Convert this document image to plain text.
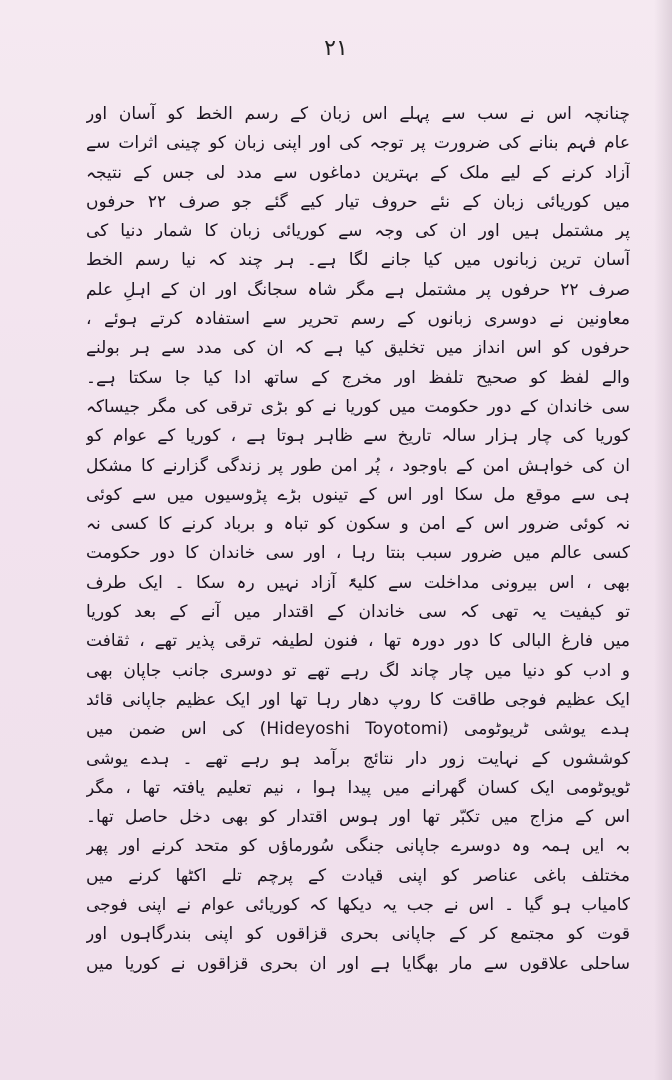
۲۱
چنانچہ اس نے سب سے پہلے اس زبان کے رسم الخط کو آسان اور
عام فہم بنانے کی ضرورت پر توجہ کی اور اپنی زبان کو چینی اثرات سے
آزاد کرنے کے لیے ملک کے بہترین دماغوں سے مدد لی جس کے نتیجہ
میں کوریائی زبان کے نئے حروف تیار کیے گئے جو صرف ۲۲ حرفوں
پر مشتمل ہیں اور ان کی وجہ سے کوریائی زبان کا شمار دنیا کی
آسان ترین زبانوں میں کیا جانے لگا ہے۔ ہر چند کہ نیا رسم الخط
صرف ۲۲ حرفوں پر مشتمل ہے مگر شاہ سجانگ اور ان کے اہلِ علم
معاونین نے دوسری زبانوں کے رسم تحریر سے استفادہ کرتے ہوئے ،
حرفوں کو اس انداز میں تخلیق کیا ہے کہ ان کی مدد سے ہر بولنے
والے لفظ کو صحیح تلفظ اور مخرج کے ساتھ ادا کیا جا سکتا ہے۔
سی خاندان کے دور حکومت میں کوریا نے کو بڑی ترقی کی مگر جیساکہ
کوریا کی چار ہزار سالہ تاریخ سے ظاہر ہوتا ہے ، کوریا کے عوام کو
ان کی خواہش امن کے باوجود ، پُر امن طور پر زندگی گزارنے کا مشکل
ہی سے موقع مل سکا اور اس کے تینوں بڑے پڑوسیوں میں سے کوئی
نہ کوئی ضرور اس کے امن و سکون کو تباہ و برباد کرنے کا کسی نہ
کسی عالم میں ضرور سبب بنتا رہا ، اور سی خاندان کا دور حکومت
بھی ، اس بیرونی مداخلت سے کلیۃً آزاد نہیں رہ سکا ۔ ایک طرف
تو کیفیت یہ تھی کہ سی خاندان کے اقتدار میں آنے کے بعد کوریا
میں فارغ البالی کا دور دورہ تھا ، فنون لطیفہ ترقی پذیر تھے ، ثقافت
و ادب کو دنیا میں چار چاند لگ رہے تھے تو دوسری جانب جاپان بھی
ایک عظیم فوجی طاقت کا روپ دھار رہا تھا اور ایک عظیم جاپانی قائد
ہدے یوشی ٹریوٹومی (Hideyoshi Toyotomi) کی اس ضمن میں
کوششوں کے نہایت زور دار نتائج برآمد ہو رہے تھے ۔ ہدے یوشی
ٹویوٹومی ایک کسان گھرانے میں پیدا ہوا ، نیم تعلیم یافتہ تھا ، مگر
اس کے مزاج میں تکبّر تھا اور ہوس اقتدار کو بھی دخل حاصل تھا۔
بہ ایں ہمہ وہ دوسرے جاپانی جنگی سُورماؤں کو متحد کرنے اور پھر
مختلف باغی عناصر کو اپنی قیادت کے پرچم تلے اکٹھا کرنے میں
کامیاب ہو گیا ۔ اس نے جب یہ دیکھا کہ کوریائی عوام نے اپنی فوجی
قوت کو مجتمع کر کے جاپانی بحری قزاقوں کو اپنی بندرگاہوں اور
ساحلی علاقوں سے مار بھگایا ہے اور ان بحری قزاقوں نے کوریا میں
